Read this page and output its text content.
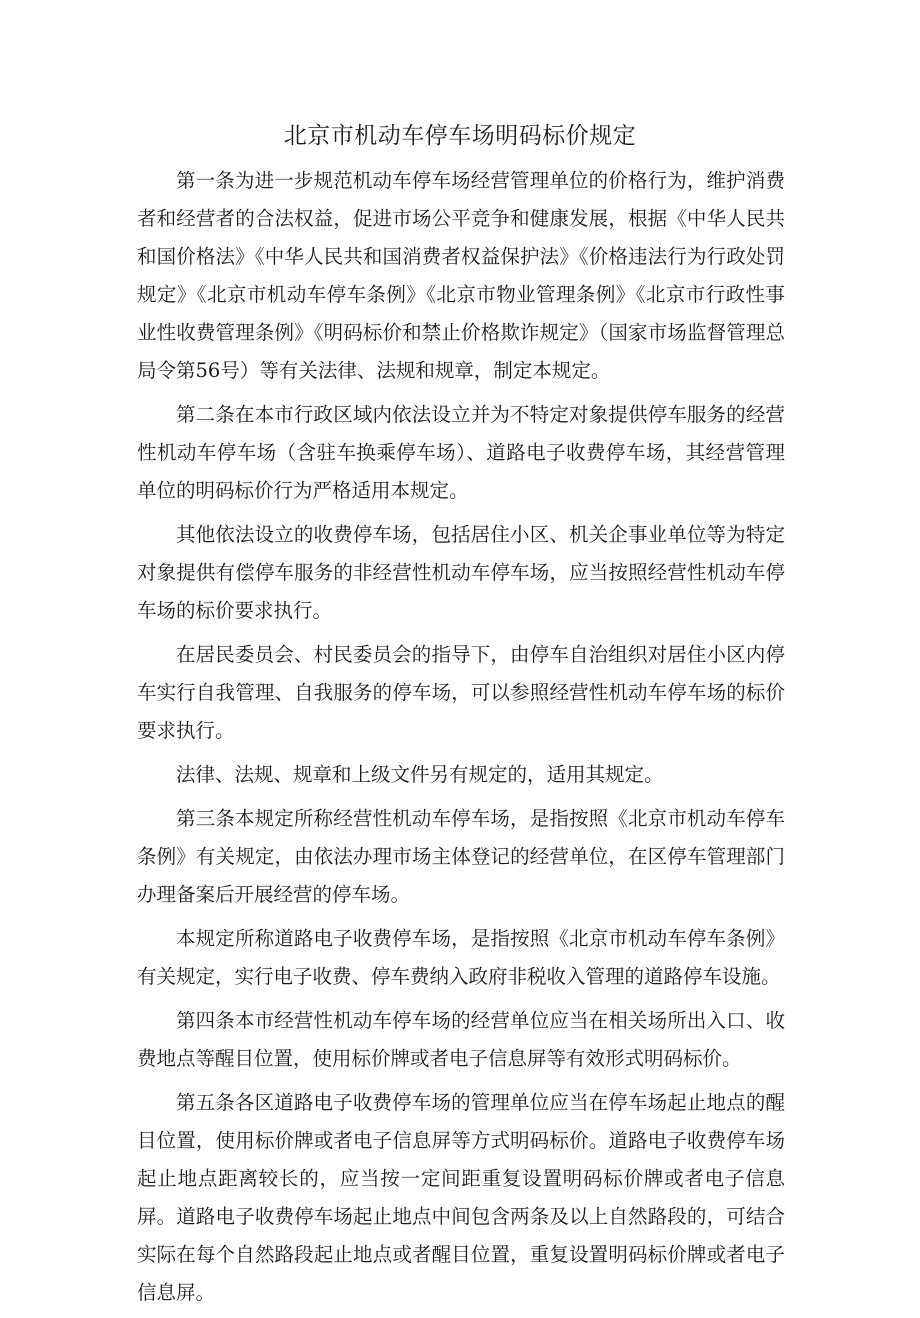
北京市机动车停车场明码标价规定

第一条为进一步规范机动车停车场经营管理单位的价格行为，维护消费者和经营者的合法权益，促进市场公平竞争和健康发展，根据《中华人民共和国价格法》《中华人民共和国消费者权益保护法》《价格违法行为行政处罚规定》《北京市机动车停车条例》《北京市物业管理条例》《北京市行政性事业性收费管理条例》《明码标价和禁止价格欺诈规定》（国家市场监督管理总局令第56号）等有关法律、法规和规章，制定本规定。

第二条在本市行政区域内依法设立并为不特定对象提供停车服务的经营性机动车停车场（含驻车换乘停车场）、道路电子收费停车场，其经营管理单位的明码标价行为严格适用本规定。

其他依法设立的收费停车场，包括居住小区、机关企事业单位等为特定对象提供有偿停车服务的非经营性机动车停车场，应当按照经营性机动车停车场的标价要求执行。

在居民委员会、村民委员会的指导下，由停车自治组织对居住小区内停车实行自我管理、自我服务的停车场，可以参照经营性机动车停车场的标价要求执行。

法律、法规、规章和上级文件另有规定的，适用其规定。

第三条本规定所称经营性机动车停车场，是指按照《北京市机动车停车条例》有关规定，由依法办理市场主体登记的经营单位，在区停车管理部门办理备案后开展经营的停车场。

本规定所称道路电子收费停车场，是指按照《北京市机动车停车条例》有关规定，实行电子收费、停车费纳入政府非税收入管理的道路停车设施。

第四条本市经营性机动车停车场的经营单位应当在相关场所出入口、收费地点等醒目位置，使用标价牌或者电子信息屏等有效形式明码标价。

第五条各区道路电子收费停车场的管理单位应当在停车场起止地点的醒目位置，使用标价牌或者电子信息屏等方式明码标价。道路电子收费停车场起止地点距离较长的，应当按一定间距重复设置明码标价牌或者电子信息屏。道路电子收费停车场起止地点中间包含两条及以上自然路段的，可结合实际在每个自然路段起止地点或者醒目位置，重复设置明码标价牌或者电子信息屏。
